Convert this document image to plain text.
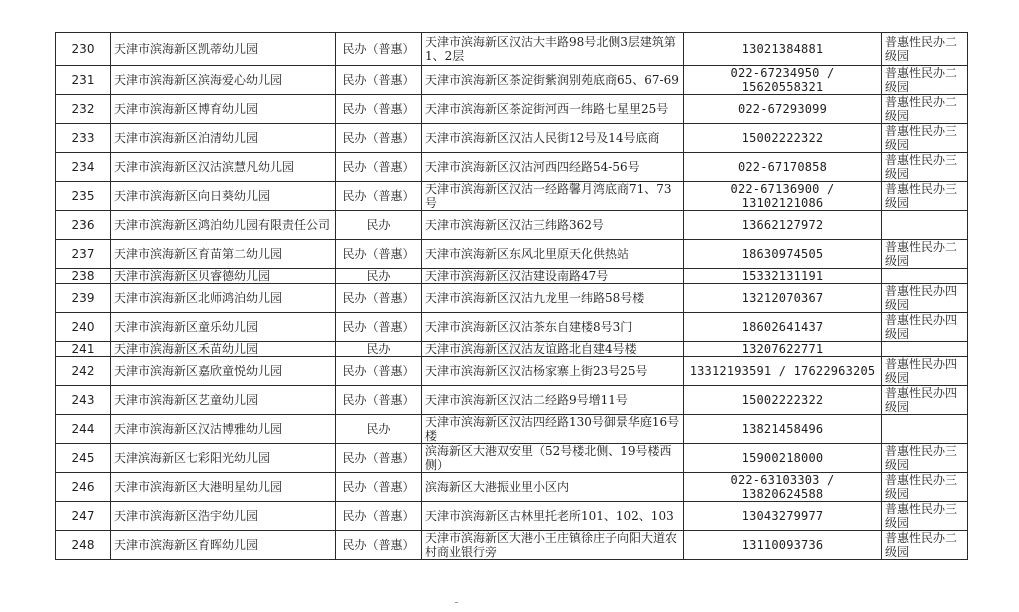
230	天津市滨海新区凯蒂幼儿园	民办（普惠）	天津市滨海新区汉沽大丰路98号北侧3层建筑第1、2层	13021384881	普惠性民办二级园
231	天津市滨海新区滨海爱心幼儿园	民办（普惠）	天津市滨海新区茶淀街紫润别苑底商65、67-69	022-67234950 / 15620558321	普惠性民办二级园
232	天津市滨海新区博育幼儿园	民办（普惠）	天津市滨海新区茶淀街河西一纬路七星里25号	022-67293099	普惠性民办二级园
233	天津市滨海新区泊清幼儿园	民办（普惠）	天津市滨海新区汉沽人民街12号及14号底商	15002222322	普惠性民办三级园
234	天津市滨海新区汉沽滨慧凡幼儿园	民办（普惠）	天津市滨海新区汉沽河西四经路54-56号	022-67170858	普惠性民办三级园
235	天津市滨海新区向日葵幼儿园	民办（普惠）	天津市滨海新区汉沽一经路馨月湾底商71、73号	022-67136900 / 13102121086	普惠性民办三级园
236	天津市滨海新区鸿泊幼儿园有限责任公司	民办	天津市滨海新区汉沽三纬路362号	13662127972	
237	天津市滨海新区育苗第二幼儿园	民办（普惠）	天津市滨海新区东风北里原天化供热站	18630974505	普惠性民办二级园
238	天津市滨海新区贝睿德幼儿园	民办	天津市滨海新区汉沽建设南路47号	15332131191	
239	天津市滨海新区北师鸿泊幼儿园	民办（普惠）	天津市滨海新区汉沽九龙里一纬路58号楼	13212070367	普惠性民办四级园
240	天津市滨海新区童乐幼儿园	民办（普惠）	天津市滨海新区汉沽茶东自建楼8号3门	18602641437	普惠性民办四级园
241	天津市滨海新区禾苗幼儿园	民办	天津市滨海新区汉沽友谊路北自建4号楼	13207622771	
242	天津市滨海新区嘉欣童悦幼儿园	民办（普惠）	天津市滨海新区汉沽杨家寨上街23号25号	13312193591 / 17622963205	普惠性民办四级园
243	天津市滨海新区艺童幼儿园	民办（普惠）	天津市滨海新区汉沽二经路9号增11号	15002222322	普惠性民办四级园
244	天津市滨海新区汉沽博雅幼儿园	民办	天津市滨海新区汉沽四经路130号御景华庭16号楼	13821458496	
245	天津滨海新区七彩阳光幼儿园	民办（普惠）	滨海新区大港双安里（52号楼北侧、19号楼西侧）	15900218000	普惠性民办三级园
246	天津市滨海新区大港明星幼儿园	民办（普惠）	滨海新区大港振业里小区内	022-63103303 / 13820624588	普惠性民办三级园
247	天津市滨海新区浩宇幼儿园	民办（普惠）	天津市滨海新区古林里托老所101、102、103	13043279977	普惠性民办三级园
248	天津市滨海新区育晖幼儿园	民办（普惠）	天津市滨海新区大港小王庄镇徐庄子向阳大道农村商业银行旁	13110093736	普惠性民办二级园
